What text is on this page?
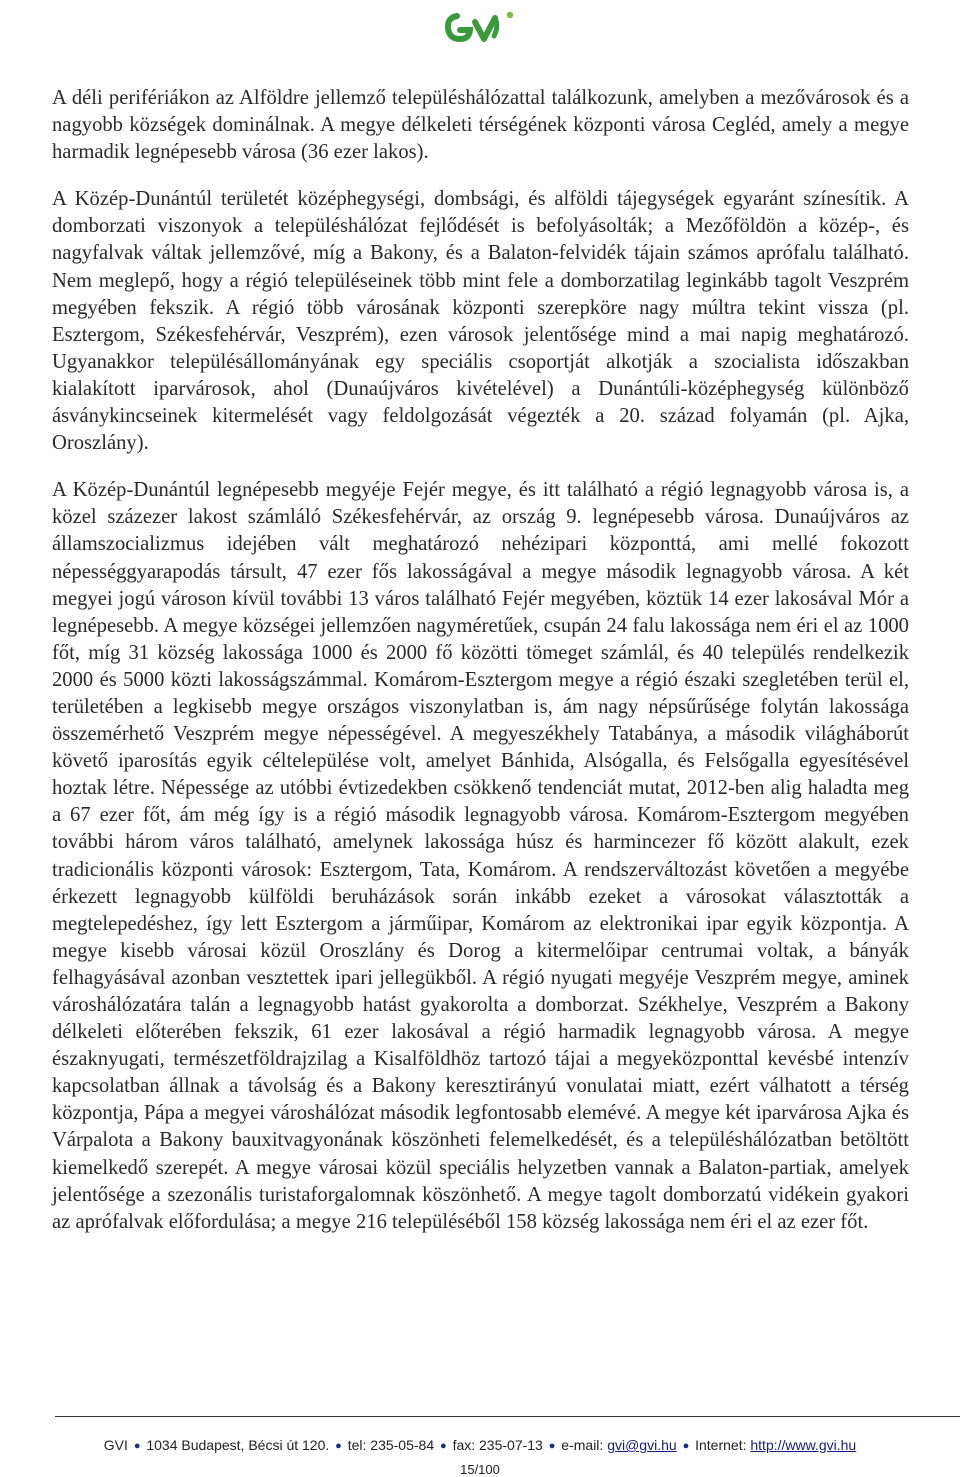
A déli perifériákon az Alföldre jellemző településhálózattal találkozunk, amelyben a mezővárosok és a nagyobb községek dominálnak. A megye délkeleti térségének központi városa Cegléd, amely a megye harmadik legnépesebb városa (36 ezer lakos).

A Közép-Dunántúl területét középhegységi, dombsági, és alföldi tájegységek egyaránt színesítik. A domborzati viszonyok a településhálózat fejlődését is befolyásolták; a Mezőföldön a közép-, és nagyfalvak váltak jellemzővé, míg a Bakony, és a Balaton-felvidék tájain számos aprófalu található. Nem meglepő, hogy a régió településeinek több mint fele a domborzatilag leginkább tagolt Veszprém megyében fekszik. A régió több városának központi szerepköre nagy múltra tekint vissza (pl. Esztergom, Székesfehérvár, Veszprém), ezen városok jelentősége mind a mai napig meghatározó. Ugyanakkor településállományának egy speciális csoportját alkotják a szocialista időszakban kialakított iparvárosok, ahol (Dunaújváros kivételével) a Dunántúli-középhegység különböző ásványkincseinek kitermelését vagy feldolgozását végezték a 20. század folyamán (pl. Ajka, Oroszlány).

A Közép-Dunántúl legnépesebb megyéje Fejér megye, és itt található a régió legnagyobb városa is, a közel százezer lakost számláló Székesfehérvár, az ország 9. legnépesebb városa. Dunaújváros az államszocializmus idejében vált meghatározó nehézipari központtá, ami mellé fokozott népességgyarapodás társult, 47 ezer fős lakosságával a megye második legnagyobb városa. A két megyei jogú városon kívül további 13 város található Fejér megyében, köztük 14 ezer lakosával Mór a legnépesebb. A megye községei jellemzően nagyméretűek, csupán 24 falu lakossága nem éri el az 1000 főt, míg 31 község lakossága 1000 és 2000 fő közötti tömeget számlál, és 40 település rendelkezik 2000 és 5000 közti lakosságszámmal. Komárom-Esztergom megye a régió északi szegletében terül el, területében a legkisebb megye országos viszonylatban is, ám nagy népsűrűsége folytán lakossága összemérhető Veszprém megye népességével. A megyeszékhely Tatabánya, a második világháborút követő iparosítás egyik céltelepülése volt, amelyet Bánhida, Alsógalla, és Felsőgalla egyesítésével hoztak létre. Népessége az utóbbi évtizedekben csökkenő tendenciát mutat, 2012-ben alig haladta meg a 67 ezer főt, ám még így is a régió második legnagyobb városa. Komárom-Esztergom megyében további három város található, amelynek lakossága húsz és harmincezer fő között alakult, ezek tradicionális központi városok: Esztergom, Tata, Komárom. A rendszerváltozást követően a megyébe érkezett legnagyobb külföldi beruházások során inkább ezeket a városokat választották a megtelepedéshez, így lett Esztergom a járműipar, Komárom az elektronikai ipar egyik központja. A megye kisebb városai közül Oroszlány és Dorog a kitermelőipar centrumai voltak, a bányák felhagyásával azonban vesztettek ipari jellegükből. A régió nyugati megyéje Veszprém megye, aminek városhálózatára talán a legnagyobb hatást gyakorolta a domborzat. Székhelye, Veszprém a Bakony délkeleti előterében fekszik, 61 ezer lakosával a régió harmadik legnagyobb városa. A megye északnyugati, természetföldrajzilag a Kisalföldhöz tartozó tájai a megyeközponttal kevésbé intenzív kapcsolatban állnak a távolság és a Bakony keresztirányú vonulatai miatt, ezért válhatott a térség központja, Pápa a megyei városhálózat második legfontosabb elemévé. A megye két iparvárosa Ajka és Várpalota a Bakony bauxitvagyonának köszönheti felemelkedését, és a településhálózatban betöltött kiemelkedő szerepét. A megye városai közül speciális helyzetben vannak a Balaton-partiak, amelyek jelentősége a szezonális turistaforgalomnak köszönhető. A megye tagolt domborzatú vidékein gyakori az aprófalvak előfordulása; a megye 216 településéből 158 község lakossága nem éri el az ezer főt.

GVI ● 1034 Budapest, Bécsi út 120. ● tel: 235-05-84 ● fax: 235-07-13 ● e-mail: gvi@gvi.hu ● Internet: http://www.gvi.hu
15/100
